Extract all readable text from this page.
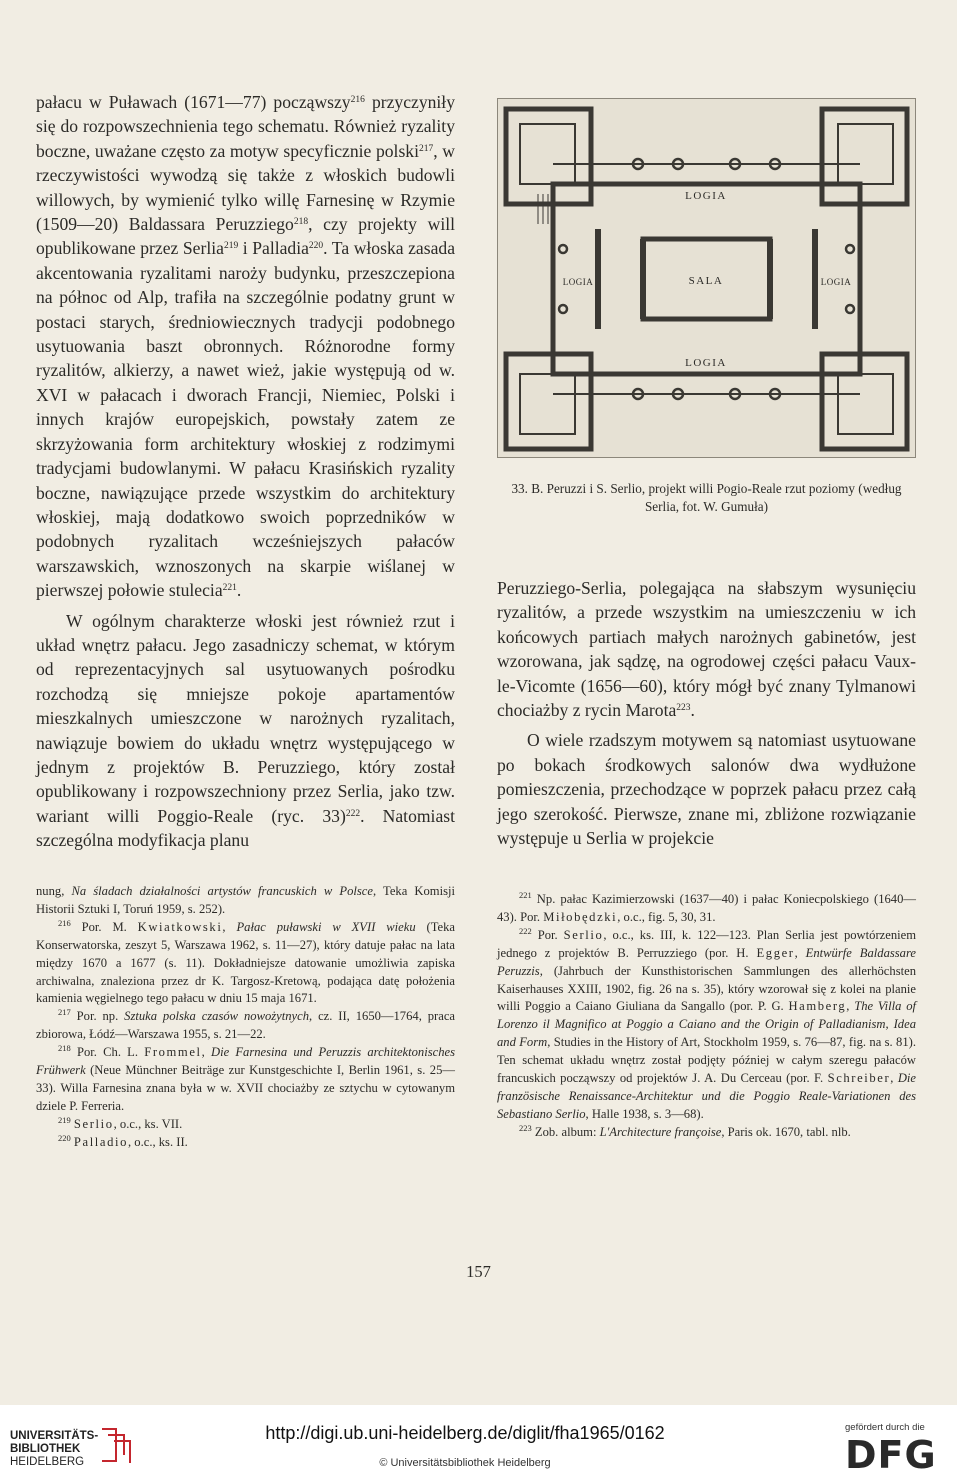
pałacu w Puławach (1671—77) począwszy$^{216}$ przyczyniły się do rozpowszechnienia tego schematu. Również ryzality boczne, uważane często za motyw specyficznie polski$^{217}$, w rzeczywistości wywodzą się także z włoskich budowli willowych, by wymienić tylko willę Farnesinę w Rzymie (1509—20) Baldassara Peruzziego$^{218}$, czy projekty will opublikowane przez Serlia$^{219}$ i Palladia$^{220}$. Ta włoska zasada akcentowania ryzalitami naroży budynku, przeszczepiona na północ od Alp, trafiła na szczególnie podatny grunt w postaci starych, średniowiecznych tradycji podobnego usytuowania baszt obronnych. Różnorodne formy ryzalitów, alkierzy, a nawet wież, jakie występują od w. XVI w pałacach i dworach Francji, Niemiec, Polski i innych krajów europejskich, powstały zatem ze skrzyżowania form architektury włoskiej z rodzimymi tradycjami budowlanymi. W pałacu Krasińskich ryzality boczne, nawiązujące przede wszystkim do architektury włoskiej, mają dodatkowo swoich poprzedników w podobnych ryzalitach wcześniejszych pałaców warszawskich, wznoszonych na skarpie wiślanej w pierwszej połowie stulecia$^{221}$.

W ogólnym charakterze włoski jest również rzut i układ wnętrz pałacu. Jego zasadniczy schemat, w którym od reprezentacyjnych sal usytuowanych pośrodku rozchodzą się mniejsze pokoje apartamentów mieszkalnych umieszczone w narożnych ryzalitach, nawiązuje bowiem do układu wnętrz występującego w jednym z projektów B. Peruzziego, który został opublikowany i rozpowszechniony przez Serlia, jako tzw. wariant willi Poggio-Reale (ryc. 33)$^{222}$. Natomiast szczególna modyfikacja planu

LOGIA
SALA
LOGIA	LOGIA
LOGIA

33. B. Peruzzi i S. Serlio, projekt willi Pogio-Reale rzut poziomy (według Serlia, fot. W. Gumuła)

Peruzziego-Serlia, polegająca na słabszym wysunięciu ryzalitów, a przede wszystkim na umieszczeniu w ich końcowych partiach małych narożnych gabinetów, jest wzorowana, jak sądzę, na ogrodowej części pałacu Vaux-le-Vicomte (1656—60), który mógł być znany Tylmanowi chociażby z rycin Marota$^{223}$.

O wiele rzadszym motywem są natomiast usytuowane po bokach środkowych salonów dwa wydłużone pomieszczenia, przechodzące w poprzek pałacu przez całą jego szerokość. Pierwsze, znane mi, zbliżone rozwiązanie występuje u Serlia w projekcie

nung, Na śladach działalności artystów francuskich w Polsce, Teka Komisji Historii Sztuki I, Toruń 1959, s. 252).

$^{216}$ Por. M. Kwiatkowski, Pałac puławski w XVII wieku (Teka Konserwatorska, zeszyt 5, Warszawa 1962, s. 11—27), który datuje pałac na lata między 1670 a 1677 (s. 11). Dokładniejsze datowanie umożliwia zapiska archiwalna, znaleziona przez dr K. Targosz-Kretową, podająca datę położenia kamienia węgielnego tego pałacu w dniu 15 maja 1671.

$^{217}$ Por. np. Sztuka polska czasów nowożytnych, cz. II, 1650—1764, praca zbiorowa, Łódź—Warszawa 1955, s. 21—22.

$^{218}$ Por. Ch. L. Frommel, Die Farnesina und Peruzzis architektonisches Frühwerk (Neue Münchner Beiträge zur Kunstgeschichte I, Berlin 1961, s. 25—33). Willa Farnesina znana była w w. XVII chociażby ze sztychu w cytowanym dziele P. Ferreria.

$^{219}$ Serlio, o.c., ks. VII.

$^{220}$ Palladio, o.c., ks. II.

$^{221}$ Np. pałac Kazimierzowski (1637—40) i pałac Koniecpolskiego (1640—43). Por. Miłobędzki, o.c., fig. 5, 30, 31.

$^{222}$ Por. Serlio, o.c., ks. III, k. 122—123. Plan Serlia jest powtórzeniem jednego z projektów B. Perruzziego (por. H. Egger, Entwürfe Baldassare Peruzzis, (Jahrbuch der Kunsthistorischen Sammlungen des allerhöchsten Kaiserhauses XXIII, 1902, fig. 26 na s. 35), który wzorował się z kolei na planie willi Poggio a Caiano Giuliana da Sangallo (por. P. G. Hamberg, The Villa of Lorenzo il Magnifico at Poggio a Caiano and the Origin of Palladianism, Idea and Form, Studies in the History of Art, Stockholm 1959, s. 76—87, fig. na s. 81). Ten schemat układu wnętrz został podjęty później w całym szeregu pałaców francuskich począwszy od projektów J. A. Du Cerceau (por. F. Schreiber, Die französische Renaissance-Architektur und die Poggio Reale-Variationen des Sebastiano Serlio, Halle 1938, s. 3—68).

$^{223}$ Zob. album: L'Architecture françoise, Paris ok. 1670, tabl. nlb.

157

UNIVERSITÄTS-
BIBLIOTHEK
HEIDELBERG
http://digi.ub.uni-heidelberg.de/diglit/fha1965/0162
© Universitätsbibliothek Heidelberg
gefördert durch die
DFG
